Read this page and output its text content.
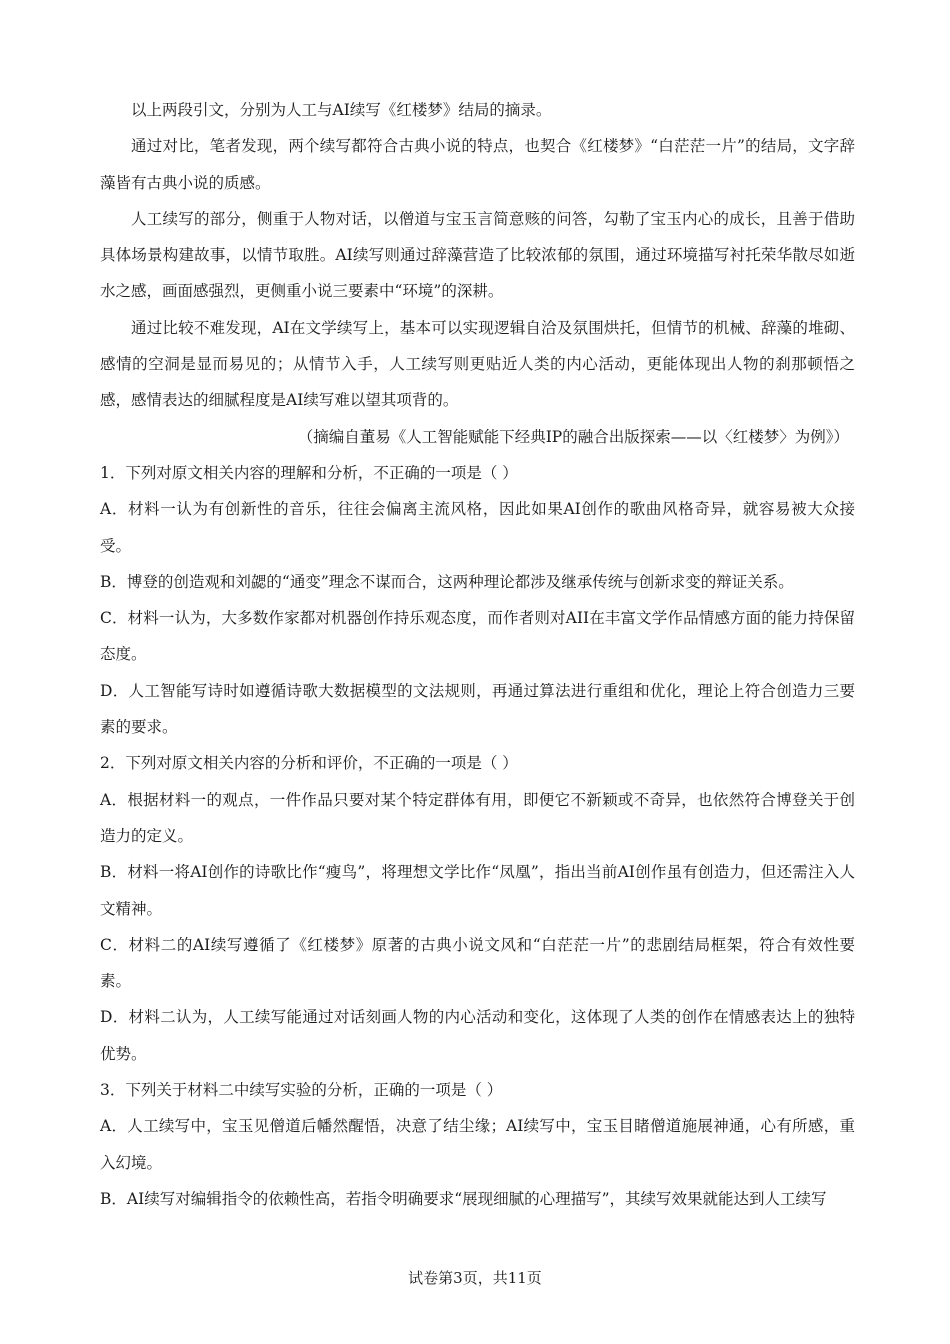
以上两段引文，分别为人工与AI续写《红楼梦》结局的摘录。

通过对比，笔者发现，两个续写都符合古典小说的特点，也契合《红楼梦》“白茫茫一片”的结局，文字辞藻皆有古典小说的质感。

人工续写的部分，侧重于人物对话，以僧道与宝玉言简意赅的问答，勾勒了宝玉内心的成长，且善于借助具体场景构建故事，以情节取胜。AI续写则通过辞藻营造了比较浓郁的氛围，通过环境描写衬托荣华散尽如逝水之感，画面感强烈，更侧重小说三要素中“环境”的深耕。

通过比较不难发现，AI在文学续写上，基本可以实现逻辑自洽及氛围烘托，但情节的机械、辞藻的堆砌、感情的空洞是显而易见的；从情节入手，人工续写则更贴近人类的内心活动，更能体现出人物的刹那顿悟之感，感情表达的细腻程度是AI续写难以望其项背的。

（摘编自董易《人工智能赋能下经典IP的融合出版探索——以〈红楼梦〉为例》）

1．下列对原文相关内容的理解和分析，不正确的一项是（ ）

A．材料一认为有创新性的音乐，往往会偏离主流风格，因此如果AI创作的歌曲风格奇异，就容易被大众接受。

B．博登的创造观和刘勰的“通变”理念不谋而合，这两种理论都涉及继承传统与创新求变的辩证关系。

C．材料一认为，大多数作家都对机器创作持乐观态度，而作者则对AII在丰富文学作品情感方面的能力持保留态度。

D．人工智能写诗时如遵循诗歌大数据模型的文法规则，再通过算法进行重组和优化，理论上符合创造力三要素的要求。

2．下列对原文相关内容的分析和评价，不正确的一项是（ ）

A．根据材料一的观点，一件作品只要对某个特定群体有用，即便它不新颖或不奇异，也依然符合博登关于创造力的定义。

B．材料一将AI创作的诗歌比作“瘦鸟”，将理想文学比作“凤凰”，指出当前AI创作虽有创造力，但还需注入人文精神。

C．材料二的AI续写遵循了《红楼梦》原著的古典小说文风和“白茫茫一片”的悲剧结局框架，符合有效性要素。

D．材料二认为，人工续写能通过对话刻画人物的内心活动和变化，这体现了人类的创作在情感表达上的独特优势。

3．下列关于材料二中续写实验的分析，正确的一项是（ ）

A．人工续写中，宝玉见僧道后幡然醒悟，决意了结尘缘；AI续写中，宝玉目睹僧道施展神通，心有所感，重入幻境。

B．AI续写对编辑指令的依赖性高，若指令明确要求“展现细腻的心理描写”，其续写效果就能达到人工续写

试卷第3页，共11页
